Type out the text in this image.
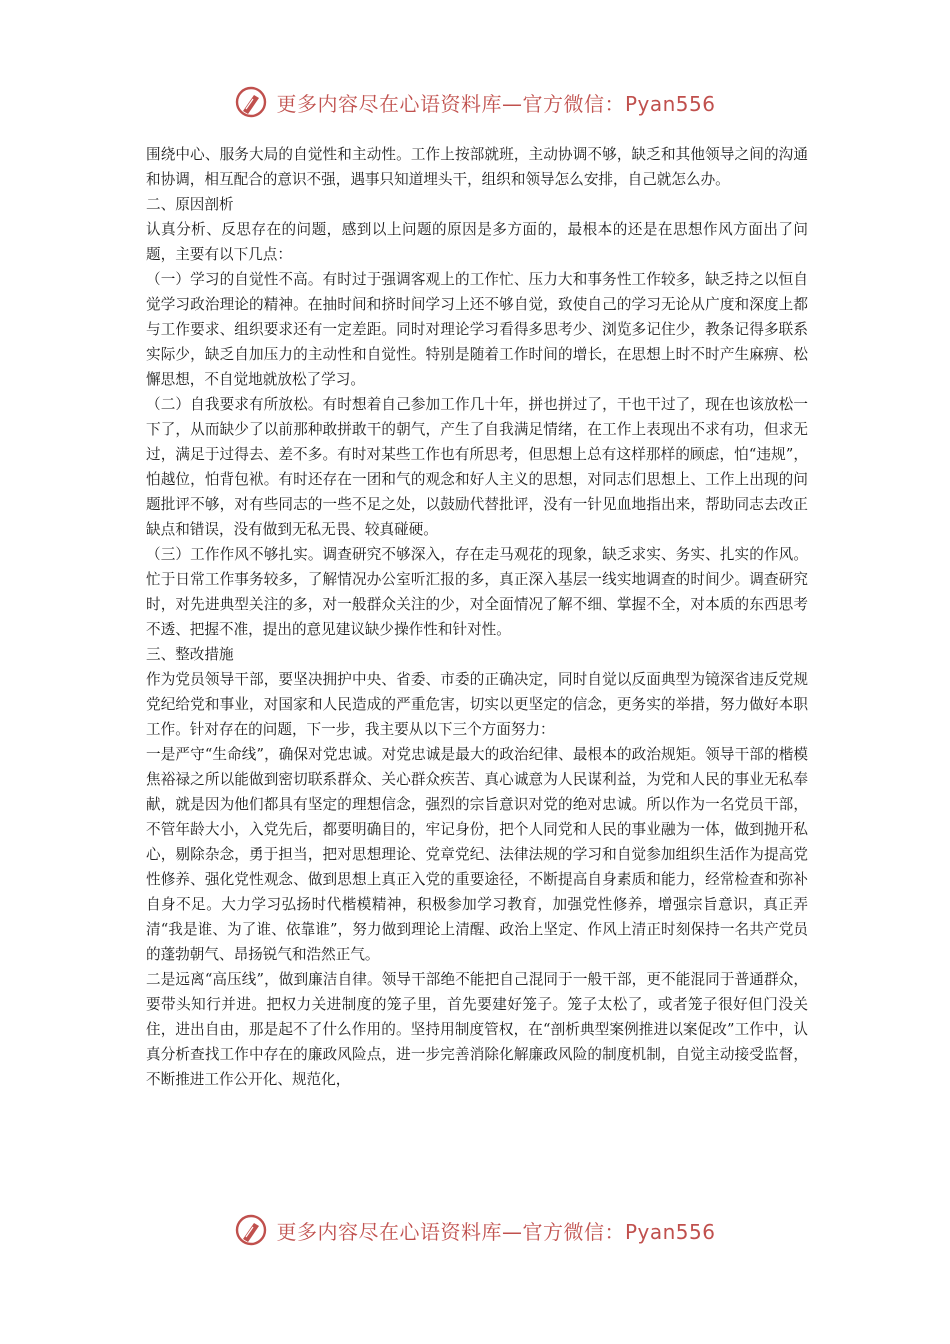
更多内容尽在心语资料库—官方微信：Pyan556

围绕中心、服务大局的自觉性和主动性。工作上按部就班，主动协调不够，缺乏和其他领导之间的沟通和协调，相互配合的意识不强，遇事只知道埋头干，组织和领导怎么安排，自己就怎么办。

二、原因剖析

认真分析、反思存在的问题，感到以上问题的原因是多方面的，最根本的还是在思想作风方面出了问题，主要有以下几点：

（一）学习的自觉性不高。有时过于强调客观上的工作忙、压力大和事务性工作较多，缺乏持之以恒自觉学习政治理论的精神。在抽时间和挤时间学习上还不够自觉，致使自己的学习无论从广度和深度上都与工作要求、组织要求还有一定差距。同时对理论学习看得多思考少、浏览多记住少，教条记得多联系实际少，缺乏自加压力的主动性和自觉性。特别是随着工作时间的增长，在思想上时不时产生麻痹、松懈思想，不自觉地就放松了学习。

（二）自我要求有所放松。有时想着自己参加工作几十年，拼也拼过了，干也干过了，现在也该放松一下了，从而缺少了以前那种敢拼敢干的朝气，产生了自我满足情绪，在工作上表现出不求有功，但求无过，满足于过得去、差不多。有时对某些工作也有所思考，但思想上总有这样那样的顾虑，怕“违规”，怕越位，怕背包袱。有时还存在一团和气的观念和好人主义的思想，对同志们思想上、工作上出现的问题批评不够，对有些同志的一些不足之处，以鼓励代替批评，没有一针见血地指出来，帮助同志去改正缺点和错误，没有做到无私无畏、较真碰硬。

（三）工作作风不够扎实。调查研究不够深入，存在走马观花的现象，缺乏求实、务实、扎实的作风。忙于日常工作事务较多，了解情况办公室听汇报的多，真正深入基层一线实地调查的时间少。调查研究时，对先进典型关注的多，对一般群众关注的少，对全面情况了解不细、掌握不全，对本质的东西思考不透、把握不准，提出的意见建议缺少操作性和针对性。

三、整改措施

作为党员领导干部，要坚决拥护中央、省委、市委的正确决定，同时自觉以反面典型为镜深省违反党规党纪给党和事业，对国家和人民造成的严重危害，切实以更坚定的信念，更务实的举措，努力做好本职工作。针对存在的问题，下一步，我主要从以下三个方面努力：

一是严守“生命线”，确保对党忠诚。对党忠诚是最大的政治纪律、最根本的政治规矩。领导干部的楷模焦裕禄之所以能做到密切联系群众、关心群众疾苦、真心诚意为人民谋利益，为党和人民的事业无私奉献，就是因为他们都具有坚定的理想信念，强烈的宗旨意识对党的绝对忠诚。所以作为一名党员干部，不管年龄大小，入党先后，都要明确目的，牢记身份，把个人同党和人民的事业融为一体，做到抛开私心，剔除杂念，勇于担当，把对思想理论、党章党纪、法律法规的学习和自觉参加组织生活作为提高党性修养、强化党性观念、做到思想上真正入党的重要途径，不断提高自身素质和能力，经常检查和弥补自身不足。大力学习弘扬时代楷模精神，积极参加学习教育，加强党性修养，增强宗旨意识，真正弄清“我是谁、为了谁、依靠谁”，努力做到理论上清醒、政治上坚定、作风上清正时刻保持一名共产党员的蓬勃朝气、昂扬锐气和浩然正气。

二是远离“高压线”，做到廉洁自律。领导干部绝不能把自己混同于一般干部，更不能混同于普通群众，要带头知行并进。把权力关进制度的笼子里，首先要建好笼子。笼子太松了，或者笼子很好但门没关住，进出自由，那是起不了什么作用的。坚持用制度管权，在“剖析典型案例推进以案促改”工作中，认真分析查找工作中存在的廉政风险点，进一步完善消除化解廉政风险的制度机制，自觉主动接受监督，不断推进工作公开化、规范化，

更多内容尽在心语资料库—官方微信：Pyan556
